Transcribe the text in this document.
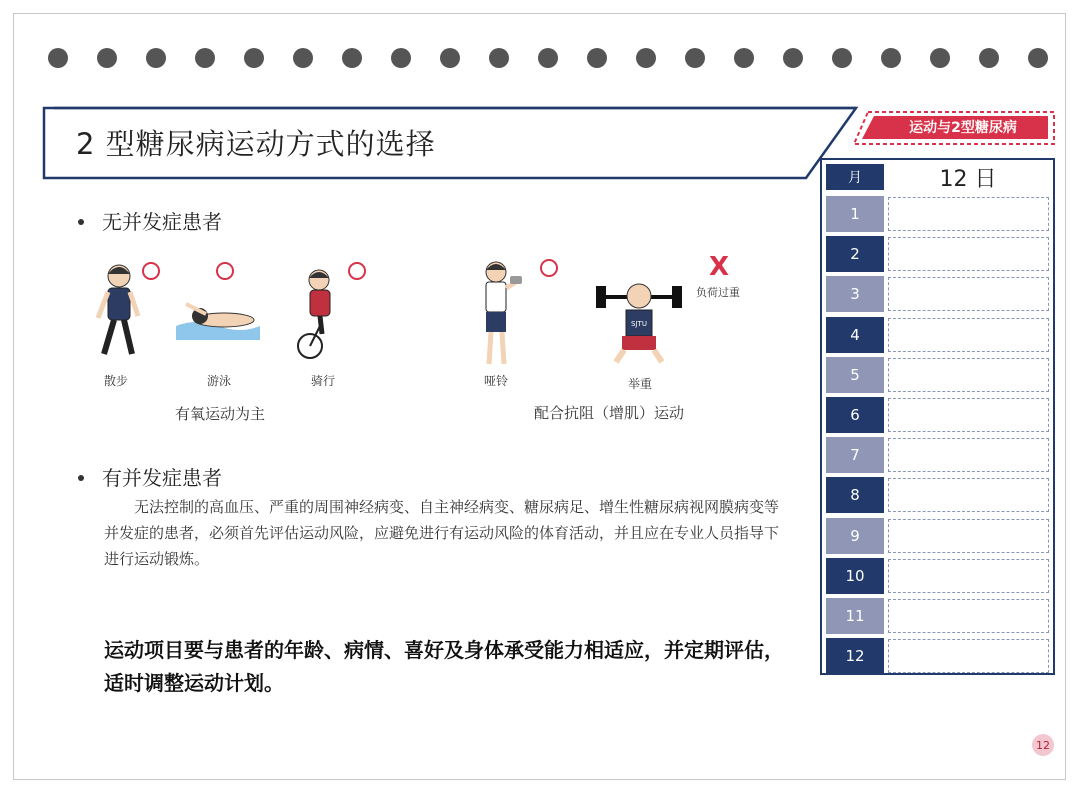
2 型糖尿病运动方式的选择	运动与2型糖尿病
无并发症患者
SJTU
X
负荷过重
散步	游泳	骑行	哑铃	举重
有氧运动为主	配合抗阻（增肌）运动
有并发症患者
无法控制的高血压、严重的周围神经病变、自主神经病变、糖尿病足、增生性糖尿病视网膜病变等并发症的患者，必须首先评估运动风险，应避免进行有运动风险的体育活动，并且应在专业人员指导下进行运动锻炼。
运动项目要与患者的年龄、病情、喜好及身体承受能力相适应，并定期评估，适时调整运动计划。
月	12 日
1
2
3
4
5
6
7
8
9
10
11
12
12
